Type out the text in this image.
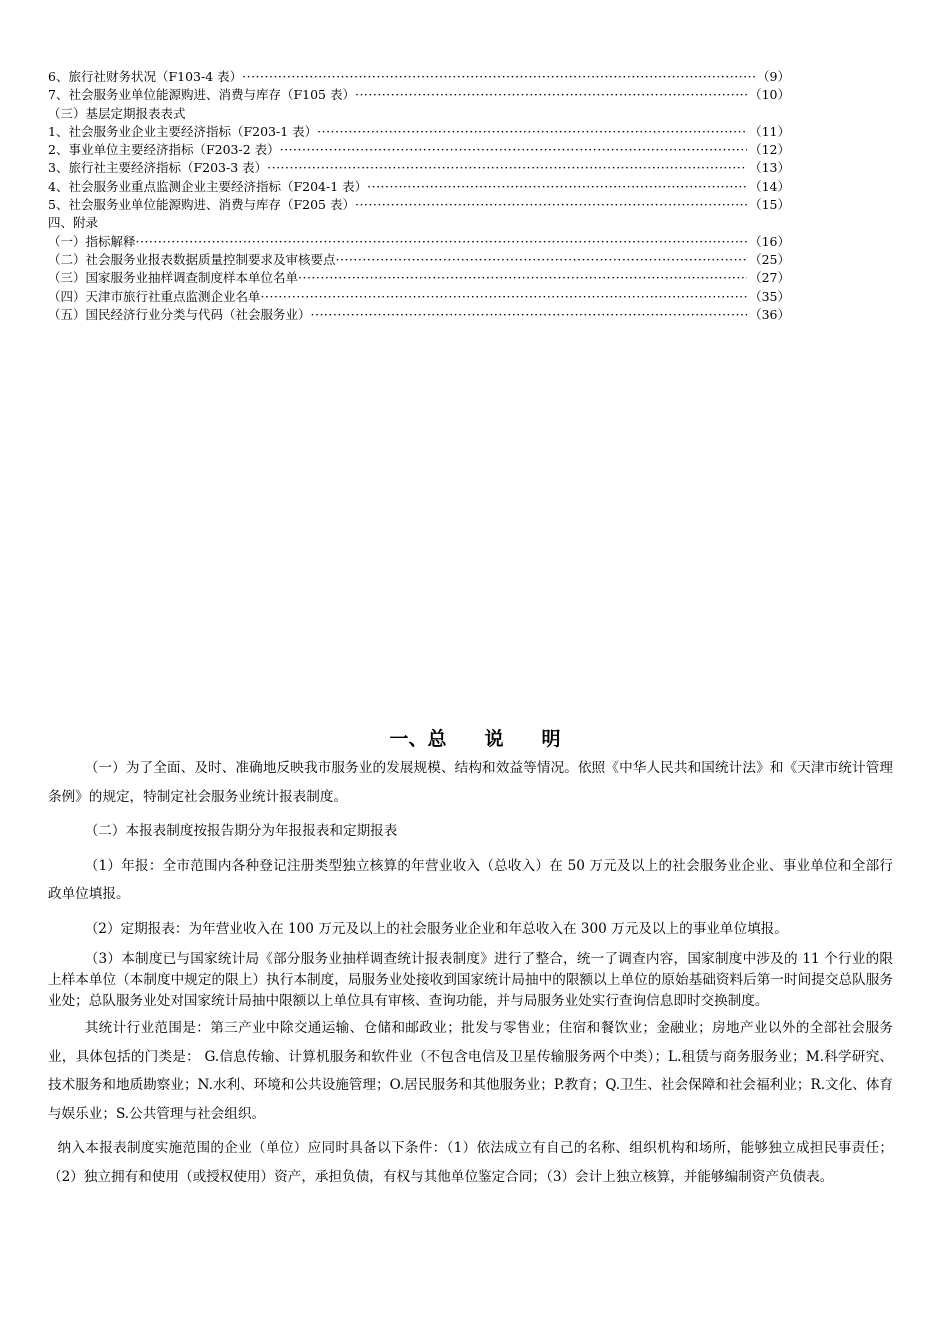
6、旅行社财务状况（F103-4 表） ·····	（9）
7、社会服务业单位能源购进、消费与库存（F105 表） ·····	（10）
（三）基层定期报表表式
1、社会服务业企业主要经济指标（F203-1 表） ·····	（11）
2、事业单位主要经济指标（F203-2 表） ·····	（12）
3、旅行社主要经济指标（F203-3 表） ·····	（13）
4、社会服务业重点监测企业主要经济指标（F204-1 表） ·····	（14）
5、社会服务业单位能源购进、消费与库存（F205 表） ·····	（15）
四、附录
（一）指标解释 ·····	（16）
（二）社会服务业报表数据质量控制要求及审核要点 ·····	（25）
（三）国家服务业抽样调查制度样本单位名单 ·····	（27）
（四）天津市旅行社重点监测企业名单 ·····	（35）
（五）国民经济行业分类与代码（社会服务业） ·····	（36）
一、总　　说　　明

（一）为了全面、及时、准确地反映我市服务业的发展规模、结构和效益等情况。依照《中华人民共和国统计法》和《天津市统计管理条例》的规定，特制定社会服务业统计报表制度。

（二）本报表制度按报告期分为年报报表和定期报表

（1）年报：全市范围内各种登记注册类型独立核算的年营业收入（总收入）在 50 万元及以上的社会服务业企业、事业单位和全部行政单位填报。

（2）定期报表：为年营业收入在 100 万元及以上的社会服务业企业和年总收入在 300 万元及以上的事业单位填报。

（3）本制度已与国家统计局《部分服务业抽样调查统计报表制度》进行了整合，统一了调查内容，国家制度中涉及的 11 个行业的限上样本单位（本制度中规定的限上）执行本制度，局服务业处接收到国家统计局抽中的限额以上单位的原始基础资料后第一时间提交总队服务业处；总队服务业处对国家统计局抽中限额以上单位具有审核、查询功能，并与局服务业处实行查询信息即时交换制度。

其统计行业范围是：第三产业中除交通运输、仓储和邮政业；批发与零售业；住宿和餐饮业；金融业；房地产业以外的全部社会服务业，具体包括的门类是： G.信息传输、计算机服务和软件业（不包含电信及卫星传输服务两个中类）；L.租赁与商务服务业；M.科学研究、技术服务和地质勘察业；N.水利、环境和公共设施管理；O.居民服务和其他服务业；P.教育；Q.卫生、社会保障和社会福利业；R.文化、体育与娱乐业；S.公共管理与社会组织。

纳入本报表制度实施范围的企业（单位）应同时具备以下条件：（1）依法成立有自己的名称、组织机构和场所，能够独立成担民事责任；（2）独立拥有和使用（或授权使用）资产，承担负债，有权与其他单位鉴定合同；（3）会计上独立核算，并能够编制资产负债表。
